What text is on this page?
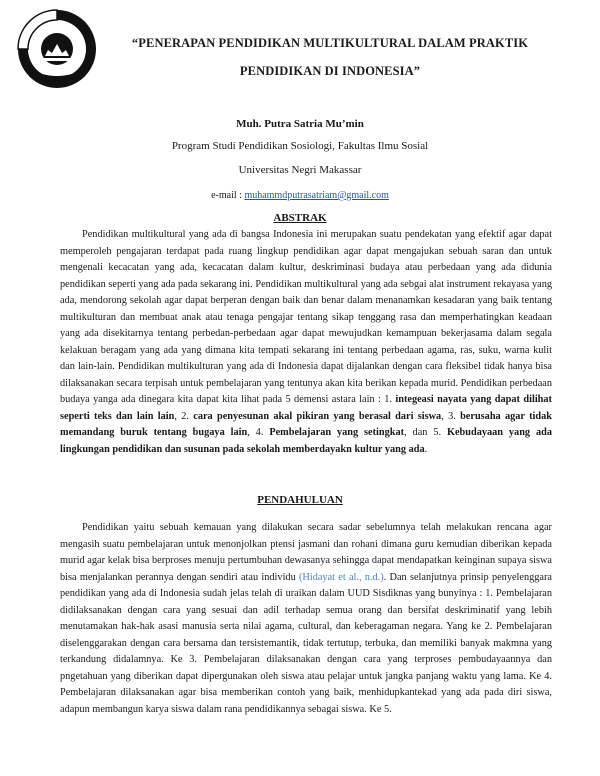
“PENERAPAN PENDIDIKAN MULTIKULTURAL DALAM PRAKTIK
PENDIDIKAN DI INDONESIA”
Muh. Putra Satria Mu’min
Program Studi Pendidikan Sosiologi, Fakultas Ilmu Sosial
Universitas Negri Makassar
e-mail : muhammdputrasatriam@gmail.com
ABSTRAK

Pendidikan multikultural yang ada di bangsa Indonesia ini merupakan suatu pendekatan yang efektif agar dapat memperoleh pengajaran terdapat pada ruang lingkup pendidikan agar dapat mengajukan sebuah saran dan untuk mengenali kecacatan yang ada, kecacatan dalam kultur, deskriminasi budaya atau perbedaan yang ada didunia pendidikan seperti yang ada pada sekarang ini. Pendidikan multikultural yang ada sebgai alat instrument rekayasa yang ada, mendorong sekolah agar dapat berperan dengan baik dan benar dalam menanamkan kesadaran yang baik tentang multikulturan dan membuat anak atau tenaga pengajar tentang sikap tenggang rasa dan memperhatingkan keadaan yang ada disekitarnya tentang perbedan-perbedaan agar dapat mewujudkan kemampuan bekerjasama dalam segala kelakuan beragam yang ada yang dimana kita tempati sekarang ini tentang perbedaan agama, ras, suku, warna kulit dan lain-lain. Pendidikan multikulturan yang ada di Indonesia dapat dijalankan dengan cara fleksibel tidak hanya bisa dilaksanakan secara terpisah untuk pembelajaran yang tentunya akan kita berikan kepada murid. Pendidikan perbedaan budaya yanga ada dinegara kita dapat kita lihat pada 5 demensi astara lain : 1. integeasi nayata yang dapat dilihat seperti teks dan lain lain, 2. cara penyesunan akal pikiran yang berasal dari siswa, 3. berusaha agar tidak memandang buruk tentang bugaya lain, 4. Pembelajaran yang setingkat, dan 5. Kebudayaan yang ada lingkungan pendidikan dan susunan pada sekolah memberdayakn kultur yang ada.

PENDAHULUAN

Pendidikan yaitu sebuah kemauan yang dilakukan secara sadar sebelumnya telah melakukan rencana agar mengasih suatu pembelajaran untuk menonjolkan ptensi jasmani dan rohani dimana guru kemudian diberikan kepada murid agar kelak bisa berproses menuju pertumbuhan dewasanya sehingga dapat mendapatkan keinginan supaya siswa bisa menjalankan perannya dengan sendiri atau individu (Hidayat et al., n.d.). Dan selanjutnya prinsip penyelenggara pendidikan yang ada di Indonesia sudah jelas telah di uraikan dalam UUD Sisdiknas yang bunyinya : 1. Pembelajaran didilaksanakan dengan cara yang sesuai dan adil terhadap semua orang dan bersifat deskriminatif yang lebih menutamakan hak-hak asasi manusia serta nilai agama, cultural, dan keberagaman negara. Yang ke 2. Pembelajaran diselenggarakan dengan cara bersama dan tersistemantik, tidak tertutup, terbuka, dan memiliki banyak makmna yang terkandung didalamnya. Ke 3. Pembelajaran dilaksanakan dengan cara yang terproses pembudayaannya dan pngetahuan yang diberikan dapat dipergunakan oleh siswa atau pelajar untuk jangka panjang waktu yang lama. Ke 4. Pembelajaran dilaksanakan agar bisa memberikan contoh yang baik, menhidupkantekad yang ada pada diri siswa, adapun membangun karya siswa dalam rana pendidikannya sebagai siswa. Ke 5.
